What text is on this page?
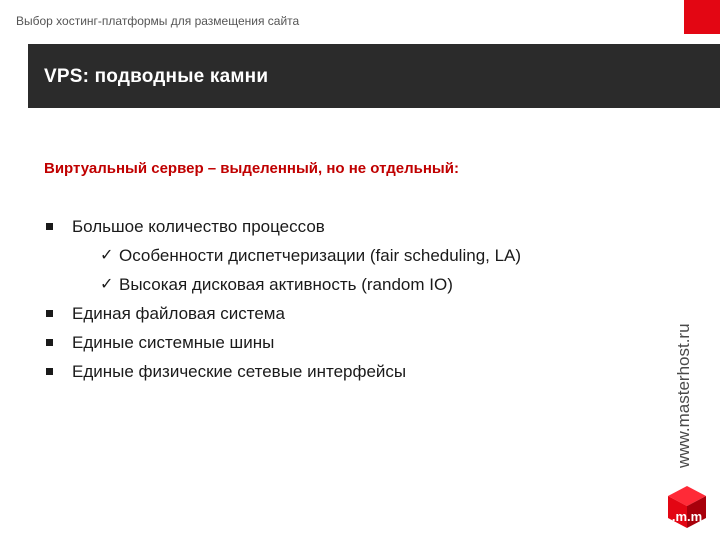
Выбор хостинг-платформы для размещения сайта
VPS: подводные камни
Виртуальный сервер – выделенный, но не отдельный:
Большое количество процессов
✓ Особенности диспетчеризации (fair scheduling, LA)
✓ Высокая дисковая активность (random IO)
Единая файловая система
Единые системные шины
Единые физические сетевые интерфейсы	www.masterhost.ru
.m.m
